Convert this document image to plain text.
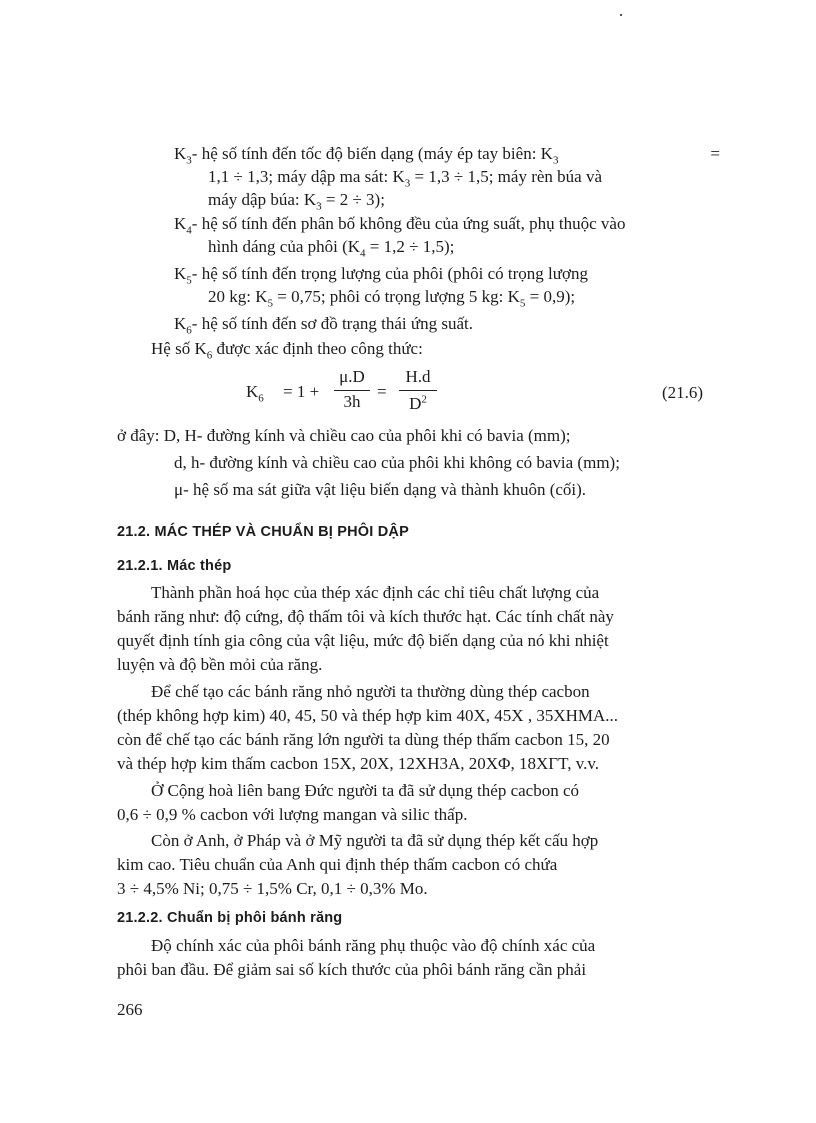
$K_3-$ hệ số tính đến tốc độ biến dạng (máy ép tay biên: $K_3$	=
1,1 ÷ 1,3; máy dập ma sát: $K_3 = 1,3 \div 1,5$; máy rèn búa và
máy dập búa: $K_3 = 2 \div 3$);
$K_4-$ hệ số tính đến phân bố không đều của ứng suất, phụ thuộc vào
hình dáng của phôi $(K_4 = 1,2 \div 1,5)$;
$K_5-$ hệ số tính đến trọng lượng của phôi (phôi có trọng lượng
20 kg: $K_5 = 0,75$; phôi có trọng lượng 5 kg: $K_5 = 0,9$);
$K_6-$ hệ số tính đến sơ đồ trạng thái ứng suất.
Hệ số $K_6$ được xác định theo công thức:
$K_6 = 1$ +
μ.D
3h
=
H.d
$D^2$	(21.6)
ở đây: D, H- đường kính và chiều cao của phôi khi có bavia (mm);
d, h- đường kính và chiều cao của phôi khi không có bavia (mm);
μ- hệ số ma sát giữa vật liệu biến dạng và thành khuôn (cối).
21.2. MÁC THÉP VÀ CHUẨN BỊ PHÔI DẬP
21.2.1. Mác thép
Thành phần hoá học của thép xác định các chỉ tiêu chất lượng của
bánh răng như: độ cứng, độ thấm tôi và kích thước hạt. Các tính chất này
quyết định tính gia công của vật liệu, mức độ biến dạng của nó khi nhiệt
luyện và độ bền mỏi của răng.
Để chế tạo các bánh răng nhỏ người ta thường dùng thép cacbon
(thép không hợp kim) 40, 45, 50 và thép hợp kim 40X, 45X , 35XHMA...
còn để chế tạo các bánh răng lớn người ta dùng thép thấm cacbon 15, 20
và thép hợp kim thấm cacbon 15X, 20X, 12XH3A, 20XΦ, 18XΓT, v.v.
Ở Cộng hoà liên bang Đức người ta đã sử dụng thép cacbon có
0,6 ÷ 0,9 % cacbon với lượng mangan và silic thấp.
Còn ở Anh, ở Pháp và ở Mỹ người ta đã sử dụng thép kết cấu hợp
kim cao. Tiêu chuẩn của Anh qui định thép thấm cacbon có chứa
3 ÷ 4,5% Ni; 0,75 ÷ 1,5% Cr, 0,1 ÷ 0,3% Mo.
21.2.2. Chuẩn bị phôi bánh răng
Độ chính xác của phôi bánh răng phụ thuộc vào độ chính xác của
phôi ban đầu. Để giảm sai số kích thước của phôi bánh răng cần phải
266
